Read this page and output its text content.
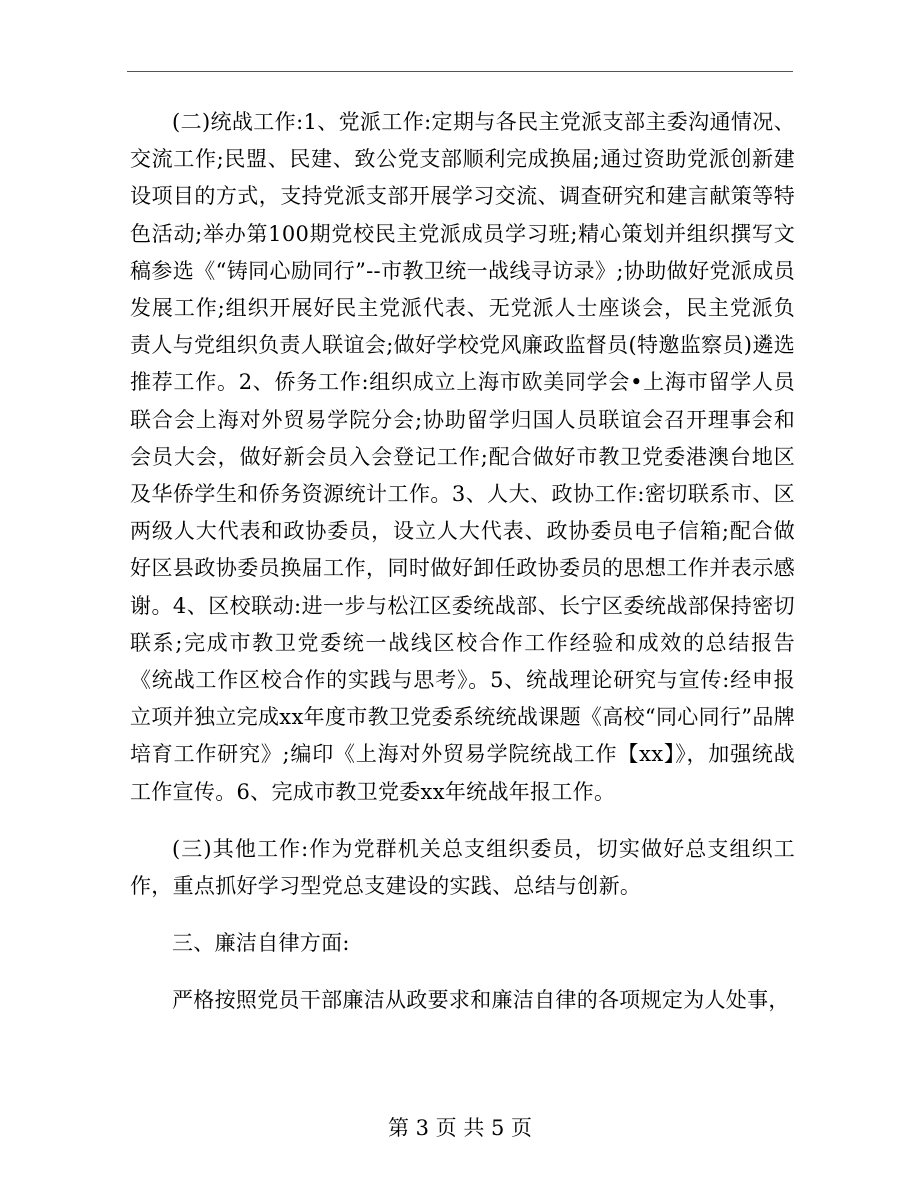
(二)统战工作:1、党派工作:定期与各民主党派支部主委沟通情况、交流工作;民盟、民建、致公党支部顺利完成换届;通过资助党派创新建设项目的方式，支持党派支部开展学习交流、调查研究和建言献策等特色活动;举办第100期党校民主党派成员学习班;精心策划并组织撰写文稿参选《“铸同心励同行”--市教卫统一战线寻访录》;协助做好党派成员发展工作;组织开展好民主党派代表、无党派人士座谈会，民主党派负责人与党组织负责人联谊会;做好学校党风廉政监督员(特邀监察员)遴选推荐工作。2、侨务工作:组织成立上海市欧美同学会•上海市留学人员联合会上海对外贸易学院分会;协助留学归国人员联谊会召开理事会和会员大会，做好新会员入会登记工作;配合做好市教卫党委港澳台地区及华侨学生和侨务资源统计工作。3、人大、政协工作:密切联系市、区两级人大代表和政协委员，设立人大代表、政协委员电子信箱;配合做好区县政协委员换届工作，同时做好卸任政协委员的思想工作并表示感谢。4、区校联动:进一步与松江区委统战部、长宁区委统战部保持密切联系;完成市教卫党委统一战线区校合作工作经验和成效的总结报告《统战工作区校合作的实践与思考》。5、统战理论研究与宣传:经申报立项并独立完成xx年度市教卫党委系统统战课题《高校“同心同行”品牌培育工作研究》;编印《上海对外贸易学院统战工作【xx】》，加强统战工作宣传。6、完成市教卫党委xx年统战年报工作。

(三)其他工作:作为党群机关总支组织委员，切实做好总支组织工作，重点抓好学习型党总支建设的实践、总结与创新。

三、廉洁自律方面:

严格按照党员干部廉洁从政要求和廉洁自律的各项规定为人处事，

第 3 页 共 5 页
